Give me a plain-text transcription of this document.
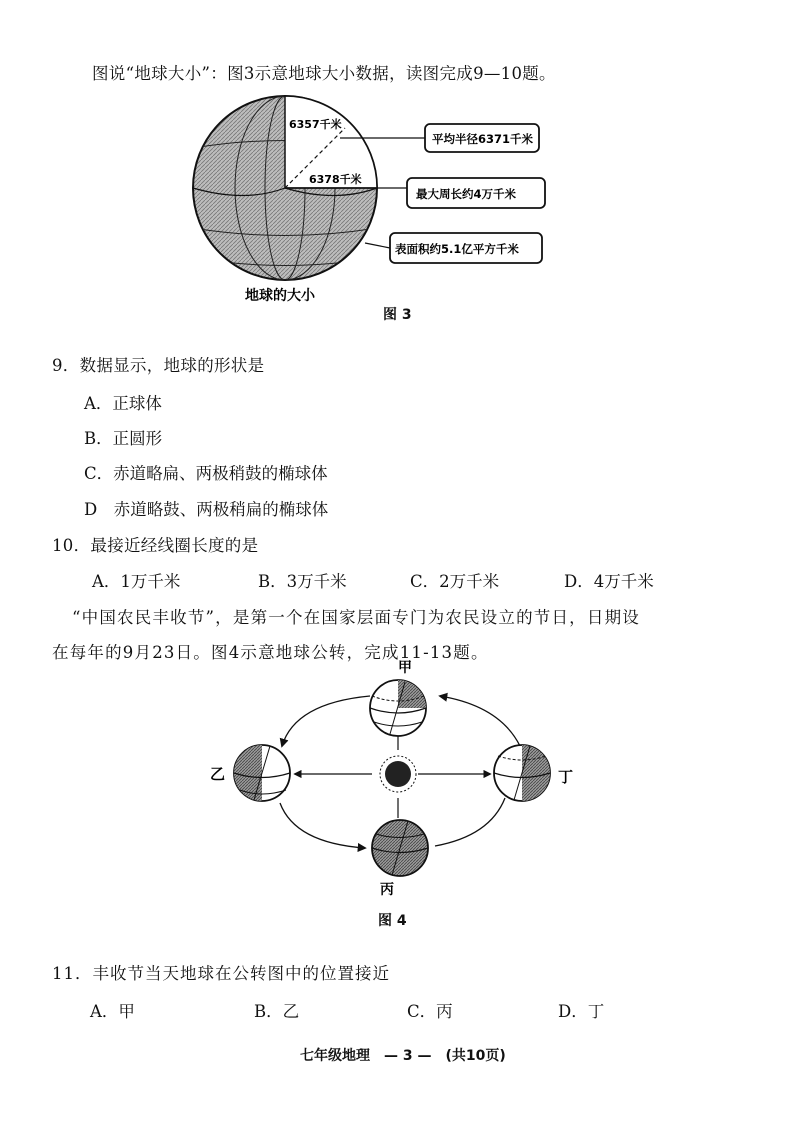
图说“地球大小”：图3示意地球大小数据，读图完成9—10题。
6357千米
6378千米
平均半径6371千米
最大周长约4万千米
表面积约5.1亿平方千米
地球的大小
图 3
9．数据显示，地球的形状是
A．正球体
B．正圆形
C．赤道略扁、两极稍鼓的椭球体
D　赤道略鼓、两极稍扁的椭球体
10．最接近经线圈长度的是
A．1万千米	B．3万千米	C．2万千米	D．4万千米
“中国农民丰收节”，是第一个在国家层面专门为农民设立的节日，日期设
在每年的9月23日。图4示意地球公转，完成11-13题。
甲
乙
丙
丁
图 4
11．丰收节当天地球在公转图中的位置接近
A．甲	B．乙	C．丙	D．丁
七年级地理　— 3 —　(共10页)
